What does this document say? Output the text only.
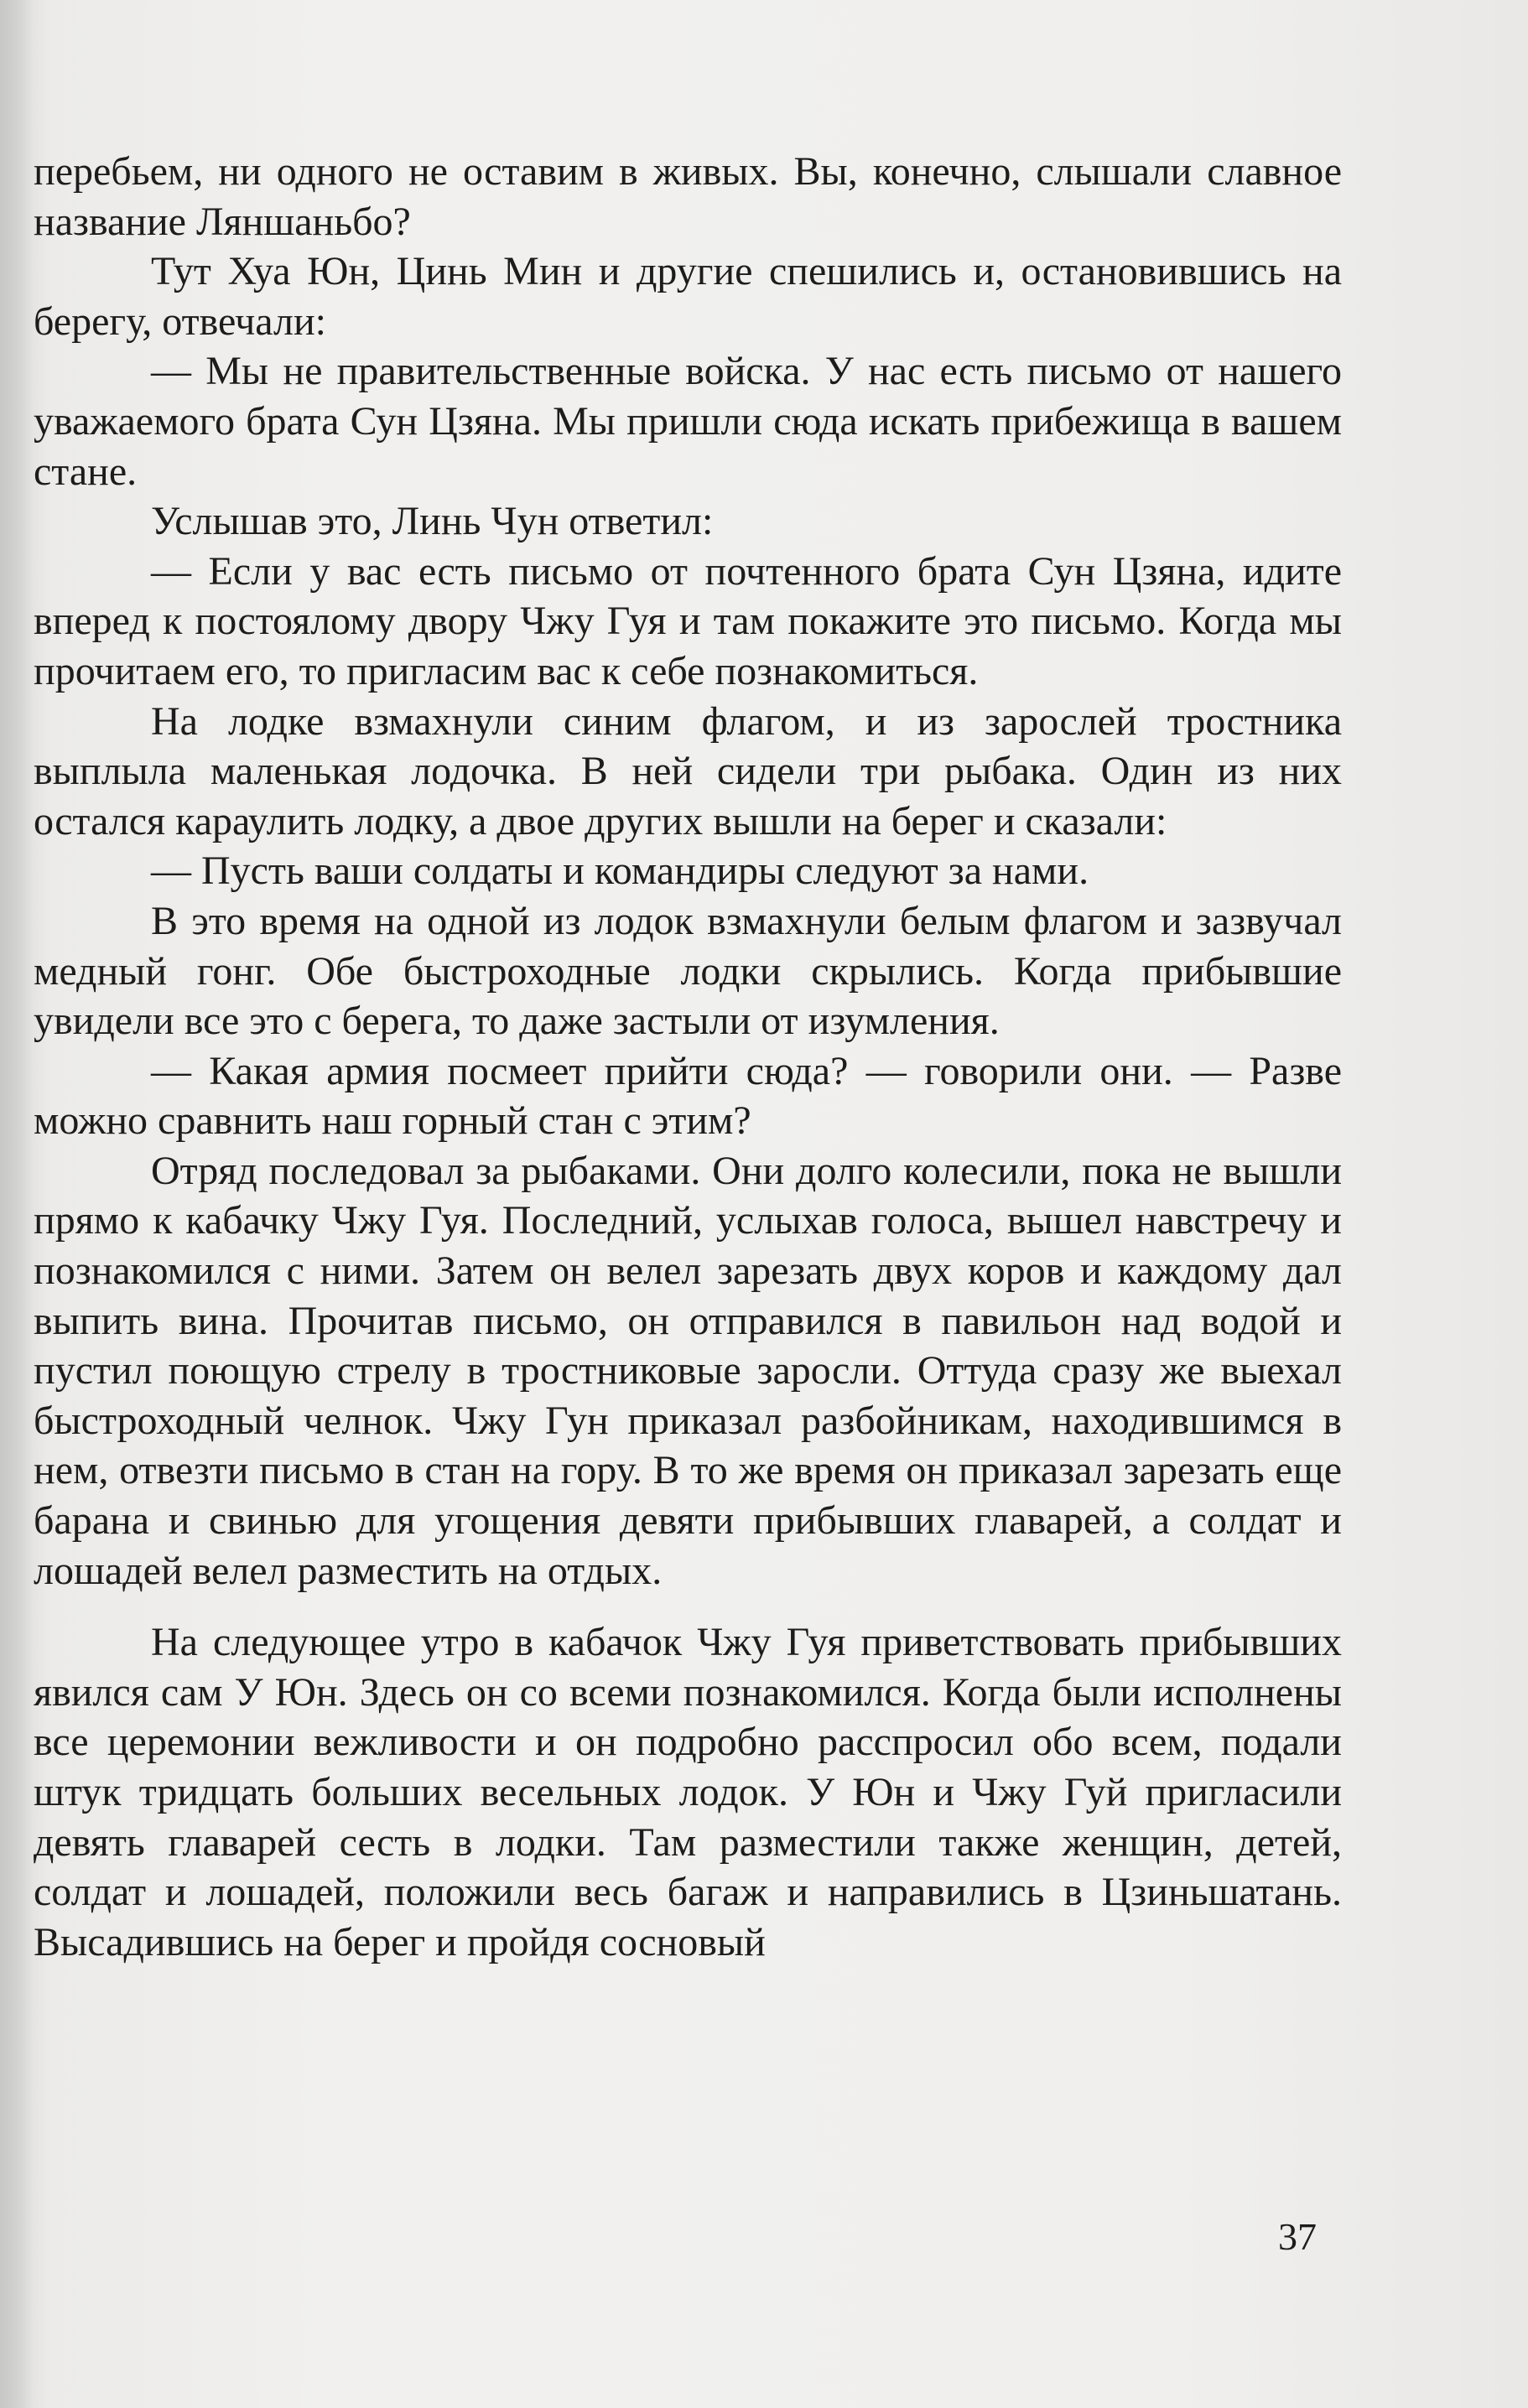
перебьем, ни одного не оставим в живых. Вы, конечно, слышали славное название Ляншаньбо?

Тут Хуа Юн, Цинь Мин и другие спешились и, остановившись на берегу, отвечали:

— Мы не правительственные войска. У нас есть письмо от нашего уважаемого брата Сун Цзяна. Мы пришли сюда искать прибежища в вашем стане.

Услышав это, Линь Чун ответил:

— Если у вас есть письмо от почтенного брата Сун Цзяна, идите вперед к постоялому двору Чжу Гуя и там покажите это письмо. Когда мы прочитаем его, то пригласим вас к себе познакомиться.

На лодке взмахнули синим флагом, и из зарослей тростника выплыла маленькая лодочка. В ней сидели три рыбака. Один из них остался караулить лодку, а двое других вышли на берег и сказали:

— Пусть ваши солдаты и командиры следуют за нами.

В это время на одной из лодок взмахнули белым флагом и зазвучал медный гонг. Обе быстроходные лодки скрылись. Когда прибывшие увидели все это с берега, то даже застыли от изумления.

— Какая армия посмеет прийти сюда? — говорили они. — Разве можно сравнить наш горный стан с этим?

Отряд последовал за рыбаками. Они долго колесили, пока не вышли прямо к кабачку Чжу Гуя. Последний, услыхав голоса, вышел навстречу и познакомился с ними. Затем он велел зарезать двух коров и каждому дал выпить вина. Прочитав письмо, он отправился в павильон над водой и пустил поющую стрелу в тростниковые заросли. Оттуда сразу же выехал быстроходный челнок. Чжу Гун приказал разбойникам, находившимся в нем, отвезти письмо в стан на гору. В то же время он приказал зарезать еще барана и свинью для угощения девяти прибывших главарей, а солдат и лошадей велел разместить на отдых.

На следующее утро в кабачок Чжу Гуя приветствовать прибывших явился сам У Юн. Здесь он со всеми познакомился. Когда были исполнены все церемонии вежливости и он подробно расспросил обо всем, подали штук тридцать больших весельных лодок. У Юн и Чжу Гуй пригласили девять главарей сесть в лодки. Там разместили также женщин, детей, солдат и лошадей, положили весь багаж и направились в Цзиньшатань. Высадившись на берег и пройдя сосновый

37
